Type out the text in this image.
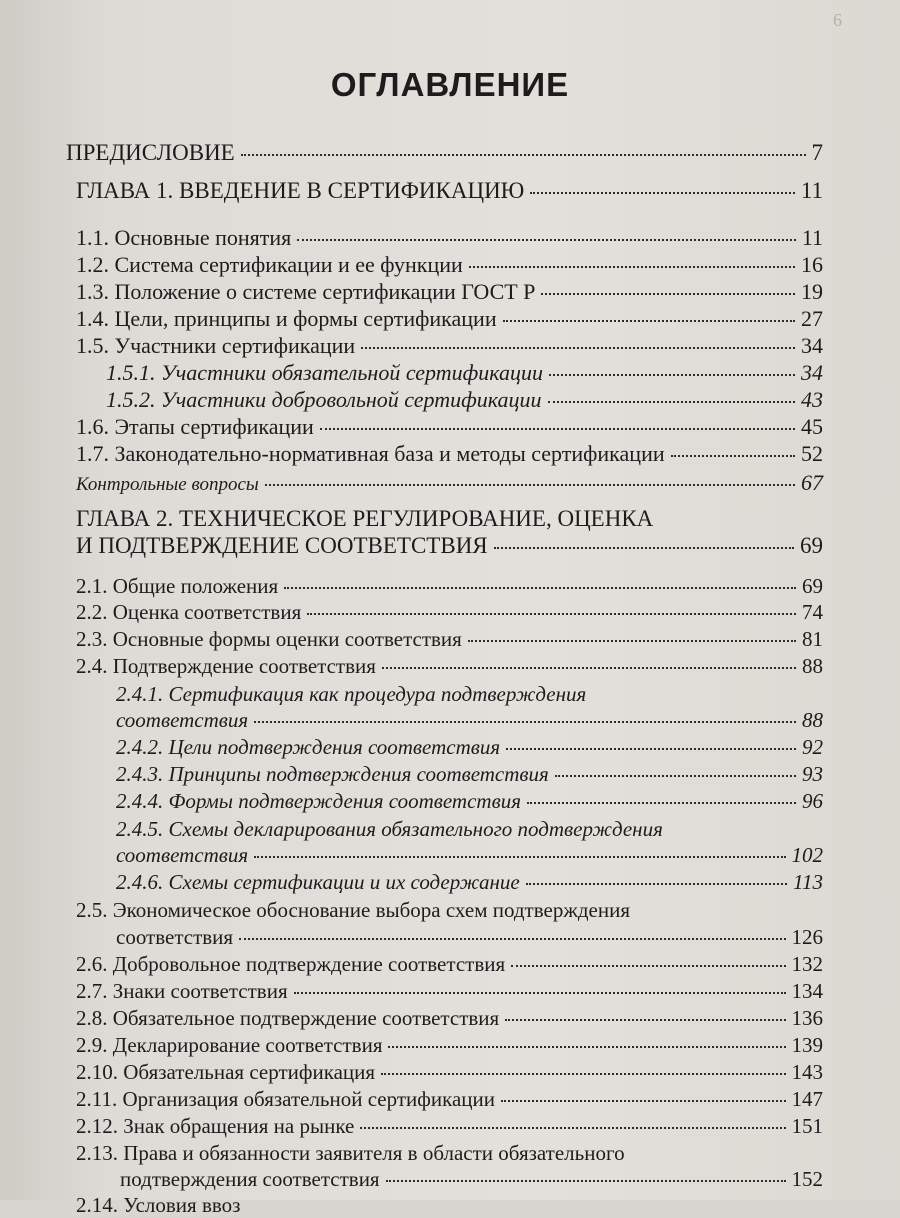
6
ОГЛАВЛЕНИЕ
ПРЕДИСЛОВИЕ	7
ГЛАВА 1. ВВЕДЕНИЕ В СЕРТИФИКАЦИЮ	11
1.1. Основные понятия	11
1.2. Система сертификации и ее функции	16
1.3. Положение о системе сертификации ГОСТ Р	19
1.4. Цели, принципы и формы сертификации	27
1.5. Участники сертификации	34
1.5.1. Участники обязательной сертификации	34
1.5.2. Участники добровольной сертификации	43
1.6. Этапы сертификации	45
1.7. Законодательно-нормативная база и методы сертификации	52
Контрольные вопросы	67
ГЛАВА 2. ТЕХНИЧЕСКОЕ РЕГУЛИРОВАНИЕ, ОЦЕНКА
И ПОДТВЕРЖДЕНИЕ СООТВЕТСТВИЯ	69
2.1. Общие положения	69
2.2. Оценка соответствия	74
2.3. Основные формы оценки соответствия	81
2.4. Подтверждение соответствия	88
2.4.1. Сертификация как процедура подтверждения
соответствия	88
2.4.2. Цели подтверждения соответствия	92
2.4.3. Принципы подтверждения соответствия	93
2.4.4. Формы подтверждения соответствия	96
2.4.5. Схемы декларирования обязательного подтверждения
соответствия	102
2.4.6. Схемы сертификации и их содержание	113
2.5. Экономическое обоснование выбора схем подтверждения
соответствия	126
2.6. Добровольное подтверждение соответствия	132
2.7. Знаки соответствия	134
2.8. Обязательное подтверждение соответствия	136
2.9. Декларирование соответствия	139
2.10. Обязательная сертификация	143
2.11. Организация обязательной сертификации	147
2.12. Знак обращения на рынке	151
2.13. Права и обязанности заявителя в области обязательного
подтверждения соответствия	152
2.14. Условия ввоз
